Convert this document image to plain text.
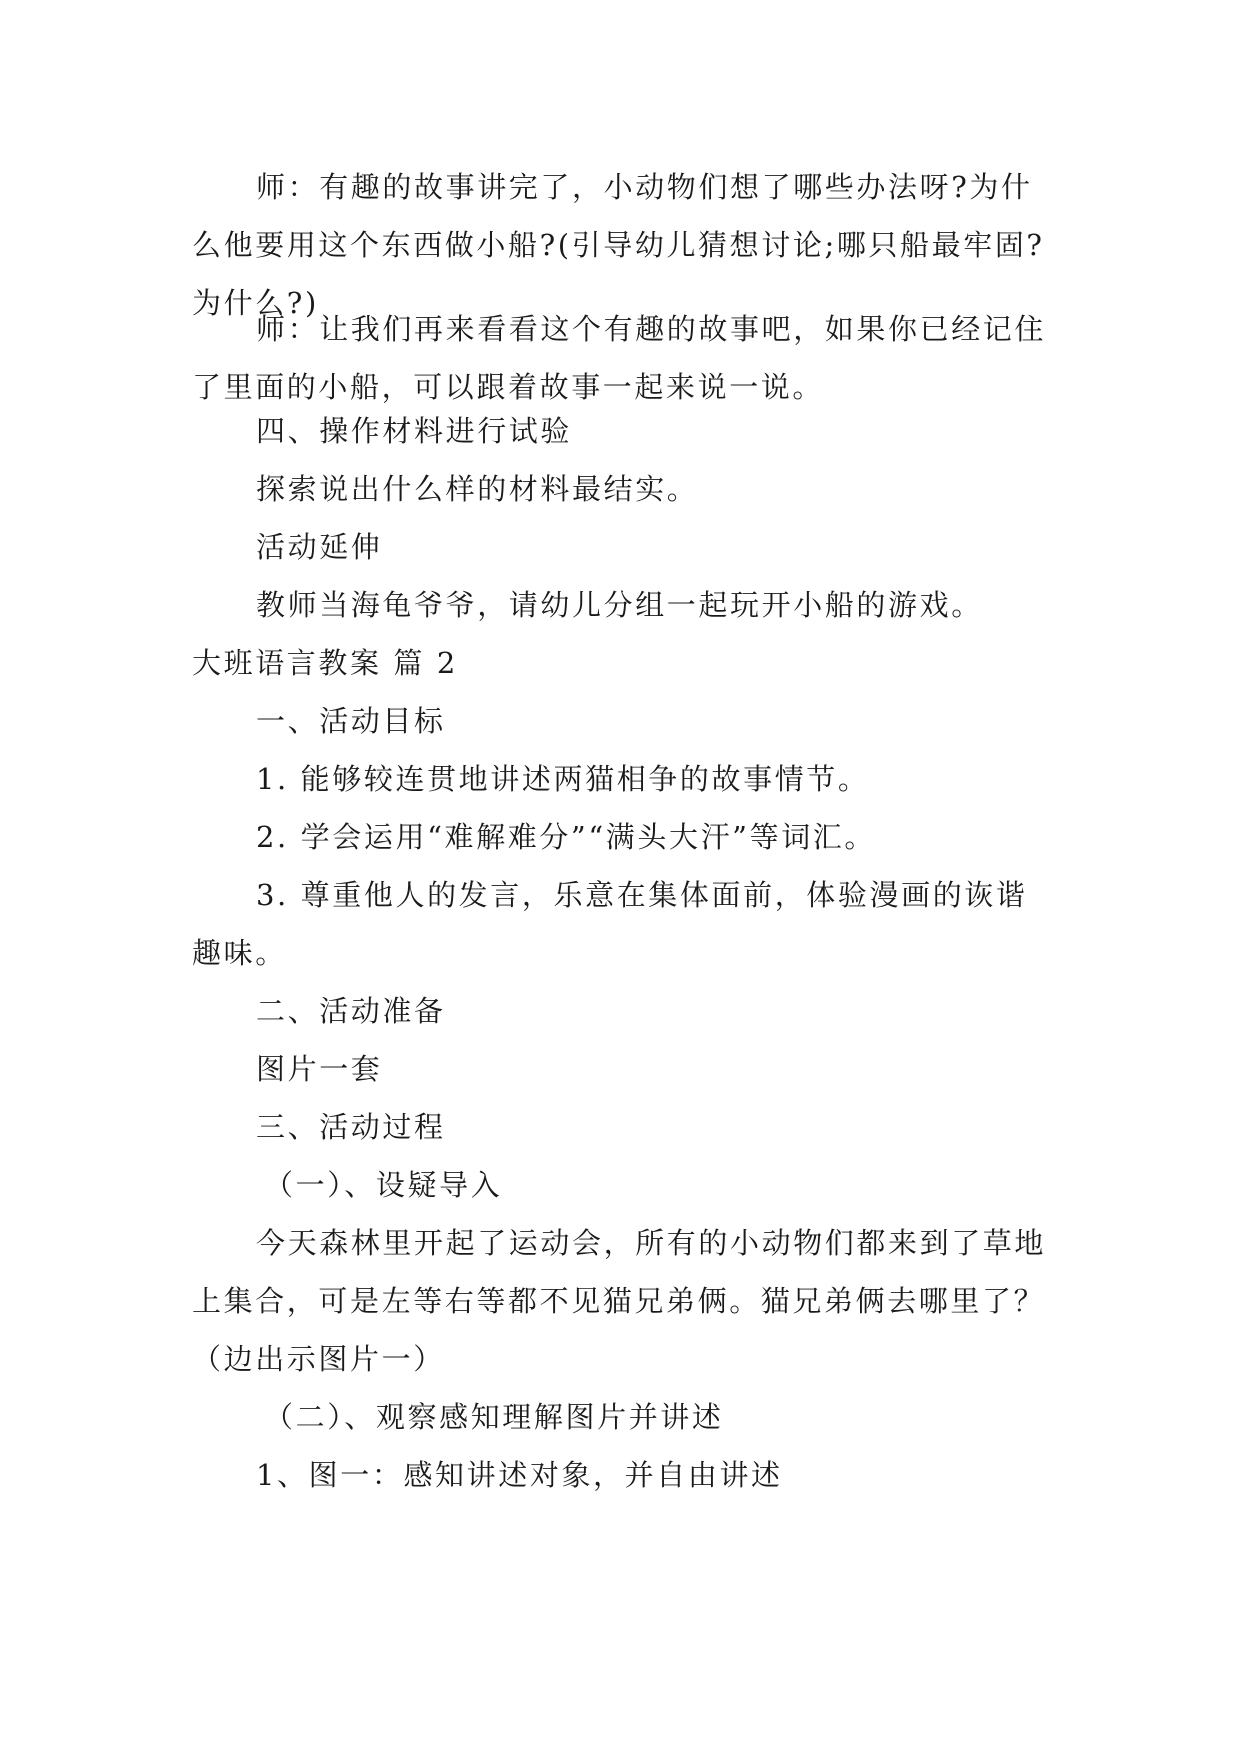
师：有趣的故事讲完了，小动物们想了哪些办法呀?为什么他要用这个东西做小船?(引导幼儿猜想讨论;哪只船最牢固?为什么?)

师：让我们再来看看这个有趣的故事吧，如果你已经记住了里面的小船，可以跟着故事一起来说一说。

四、操作材料进行试验

探索说出什么样的材料最结实。

活动延伸

教师当海龟爷爷，请幼儿分组一起玩开小船的游戏。

大班语言教案 篇 2

一、活动目标

1. 能够较连贯地讲述两猫相争的故事情节。

2. 学会运用“难解难分”“满头大汗”等词汇。

3. 尊重他人的发言，乐意在集体面前，体验漫画的诙谐趣味。

二、活动准备

图片一套

三、活动过程

（一）、设疑导入

今天森林里开起了运动会，所有的小动物们都来到了草地上集合，可是左等右等都不见猫兄弟俩。猫兄弟俩去哪里了？（边出示图片一）

（二）、观察感知理解图片并讲述

1、图一：感知讲述对象，并自由讲述
